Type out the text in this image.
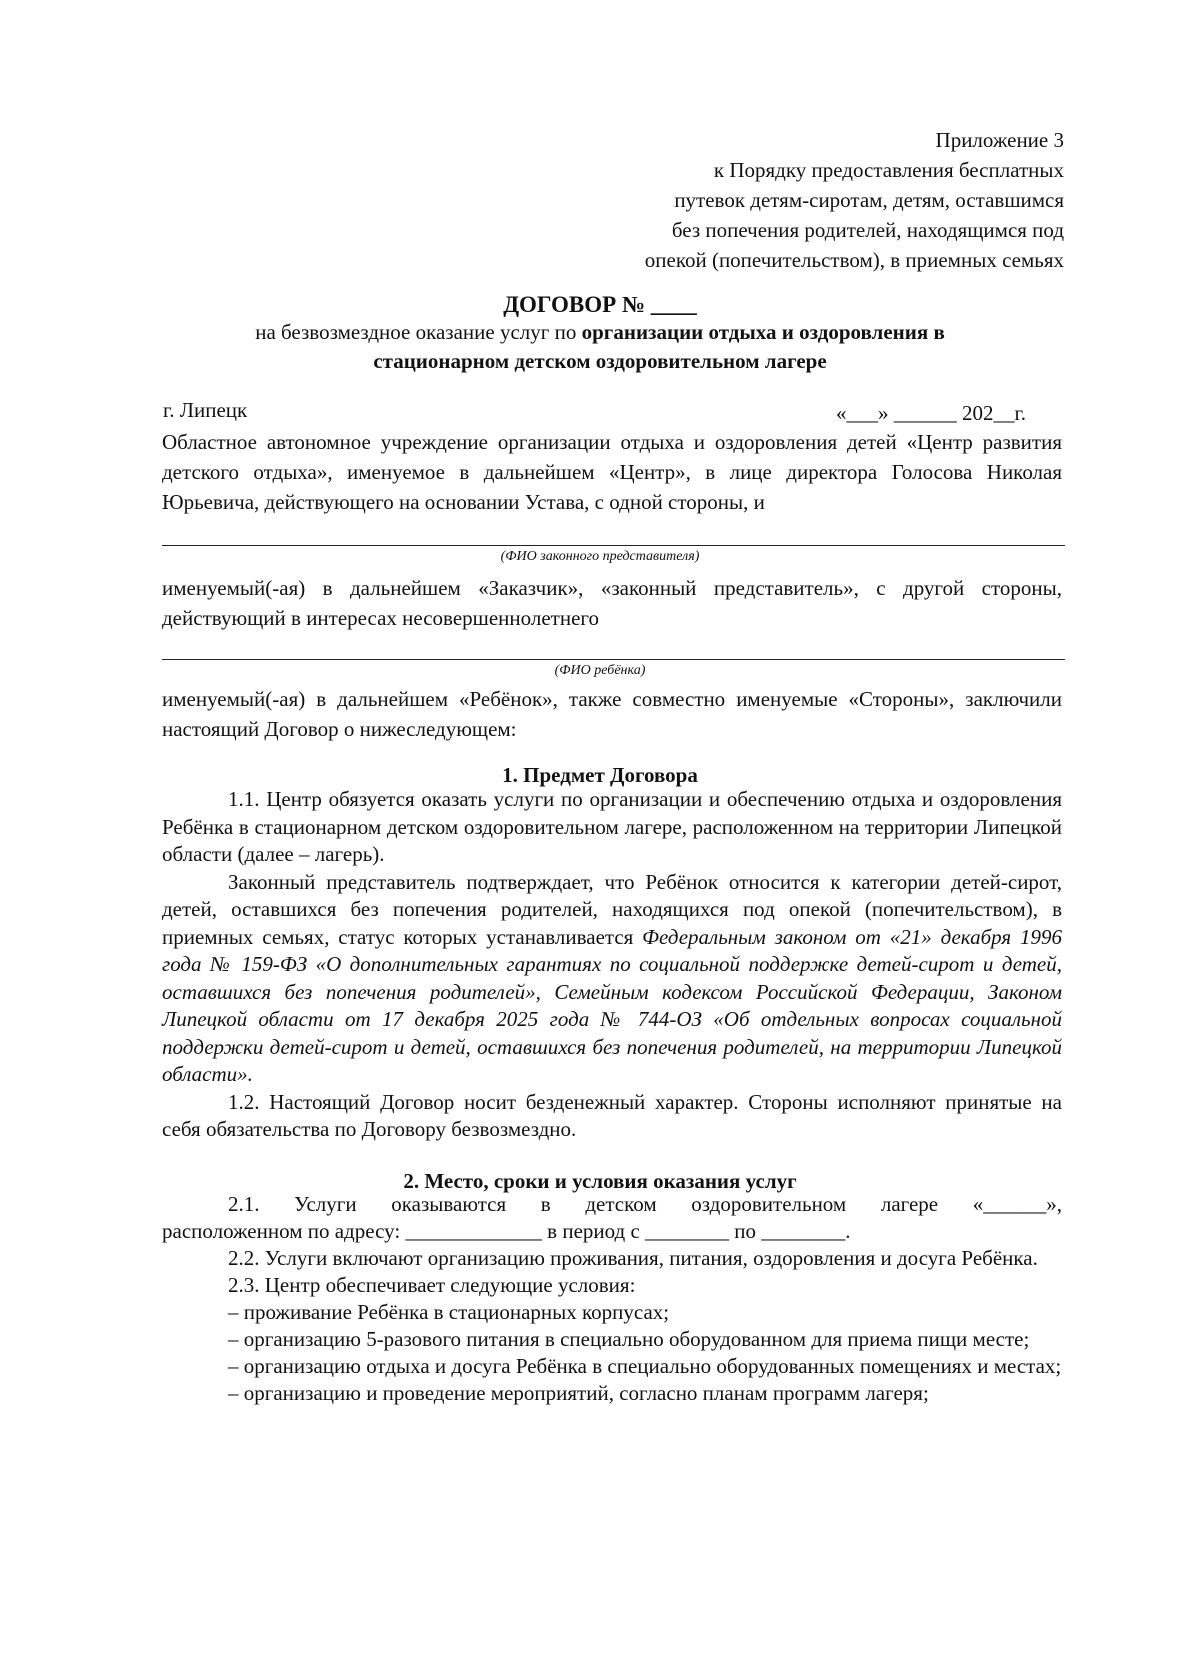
Приложение 3
к Порядку предоставления бесплатных
путевок детям-сиротам, детям, оставшимся
без попечения родителей, находящимся под
опекой (попечительством), в приемных семьях
ДОГОВОР № ____
на безвозмездное оказание услуг по организации отдыха и оздоровления в
стационарном детском оздоровительном лагере
г. Липецк	«___» ______ 202__г.

Областное автономное учреждение организации отдыха и оздоровления детей «Центр развития детского отдыха», именуемое в дальнейшем «Центр», в лице директора Голосова Николая Юрьевича, действующего на основании Устава, с одной стороны, и

(ФИО законного представителя)

именуемый(-ая) в дальнейшем «Заказчик», «законный представитель», с другой стороны, действующий в интересах несовершеннолетнего

(ФИО ребёнка)

именуемый(-ая) в дальнейшем «Ребёнок», также совместно именуемые «Стороны», заключили настоящий Договор о нижеследующем:

1. Предмет Договора

1.1. Центр обязуется оказать услуги по организации и обеспечению отдыха и оздоровления Ребёнка в стационарном детском оздоровительном лагере, расположенном на территории Липецкой области (далее – лагерь).

Законный представитель подтверждает, что Ребёнок относится к категории детей-сирот, детей, оставшихся без попечения родителей, находящихся под опекой (попечительством), в приемных семьях, статус которых устанавливается Федеральным законом от «21» декабря 1996 года № 159-ФЗ «О дополнительных гарантиях по социальной поддержке детей-сирот и детей, оставшихся без попечения родителей», Семейным кодексом Российской Федерации, Законом Липецкой области от 17 декабря 2025 года № 744-ОЗ «Об отдельных вопросах социальной поддержки детей-сирот и детей, оставшихся без попечения родителей, на территории Липецкой области».

1.2. Настоящий Договор носит безденежный характер. Стороны исполняют принятые на себя обязательства по Договору безвозмездно.

2. Место, сроки и условия оказания услуг

2.1. Услуги оказываются в детском оздоровительном лагере «______»,

расположенном по адресу: _____________ в период с ________ по ________.

2.2. Услуги включают организацию проживания, питания, оздоровления и досуга Ребёнка.

2.3. Центр обеспечивает следующие условия:

– проживание Ребёнка в стационарных корпусах;

– организацию 5-разового питания в специально оборудованном для приема пищи месте;

– организацию отдыха и досуга Ребёнка в специально оборудованных помещениях и местах;

– организацию и проведение мероприятий, согласно планам программ лагеря;
